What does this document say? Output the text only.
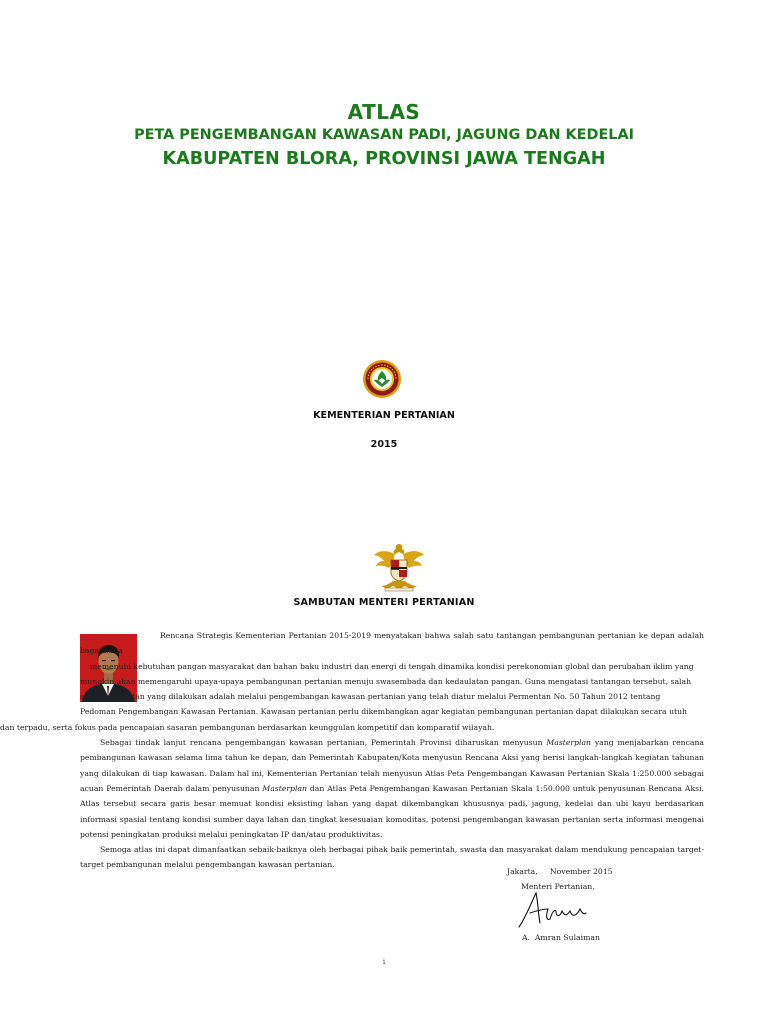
ATLAS
PETA PENGEMBANGAN KAWASAN PADI, JAGUNG DAN KEDELAI
KABUPATEN BLORA, PROVINSI JAWA TENGAH
KEMENTERIAN PERTANIAN
2015
SAMBUTAN MENTERI PERTANIAN

Rencana Strategis Kementerian Pertanian 2015-2019 menyatakan bahwa salah satu tantangan pembangunan pertanian ke depan adalah bagaimana
memenuhi kebutuhan pangan masyarakat dan bahan baku industri dan energi di tengah dinamika kondisi perekonomian global dan perubahan iklim yang
mungkin akan memengaruhi upaya-upaya pembangunan pertanian menuju swasembada dan kedaulatan pangan. Guna mengatasi tantangan tersebut, salah
satu pendekatan yang dilakukan adalah melalui pengembangan kawasan pertanian yang telah diatur melalui Permentan No. 50 Tahun 2012 tentang
Pedoman Pengembangan Kawasan Pertanian. Kawasan pertanian perlu dikembangkan agar kegiatan pembangunan pertanian dapat dilakukan secara utuh
dan terpadu, serta fokus pada pencapaian sasaran pembangunan berdasarkan keunggulan kompetitif dan komparatif wilayah.

Sebagai tindak lanjut rencana pengembangan kawasan pertanian, Pemerintah Provinsi diharuskan menyusun Masterplan yang menjabarkan rencana pembangunan kawasan selama lima tahun ke depan, dan Pemerintah Kabupaten/Kota menyusun Rencana Aksi yang berisi langkah-langkah kegiatan tahunan yang dilakukan di tiap kawasan. Dalam hal ini, Kementerian Pertanian telah menyusun Atlas Peta Pengembangan Kawasan Pertanian Skala 1:250.000 sebagai acuan Pemerintah Daerah dalam penyusunan Masterplan dan Atlas Peta Pengembangan Kawasan Pertanian Skala 1:50.000 untuk penyusunan Rencana Aksi. Atlas tersebut secara garis besar memuat kondisi eksisting lahan yang dapat dikembangkan khususnya padi, jagung, kedelai dan ubi kayu berdasarkan informasi spasial tentang kondisi sumber daya lahan dan tingkat kesesuaian komoditas, potensi pengembangan kawasan pertanian serta informasi mengenai potensi peningkatan produksi melalui peningkatan IP dan/atau produktivitas.

Semoga atlas ini dapat dimanfaatkan sebaik-baiknya oleh berbagai pihak baik pemerintah, swasta dan masyarakat dalam mendukung pencapaian target-target pembangunan melalui pengembangan kawasan pertanian.

Jakarta,     November 2015
Menteri Pertanian,
A.  Amran Sulaiman
i
